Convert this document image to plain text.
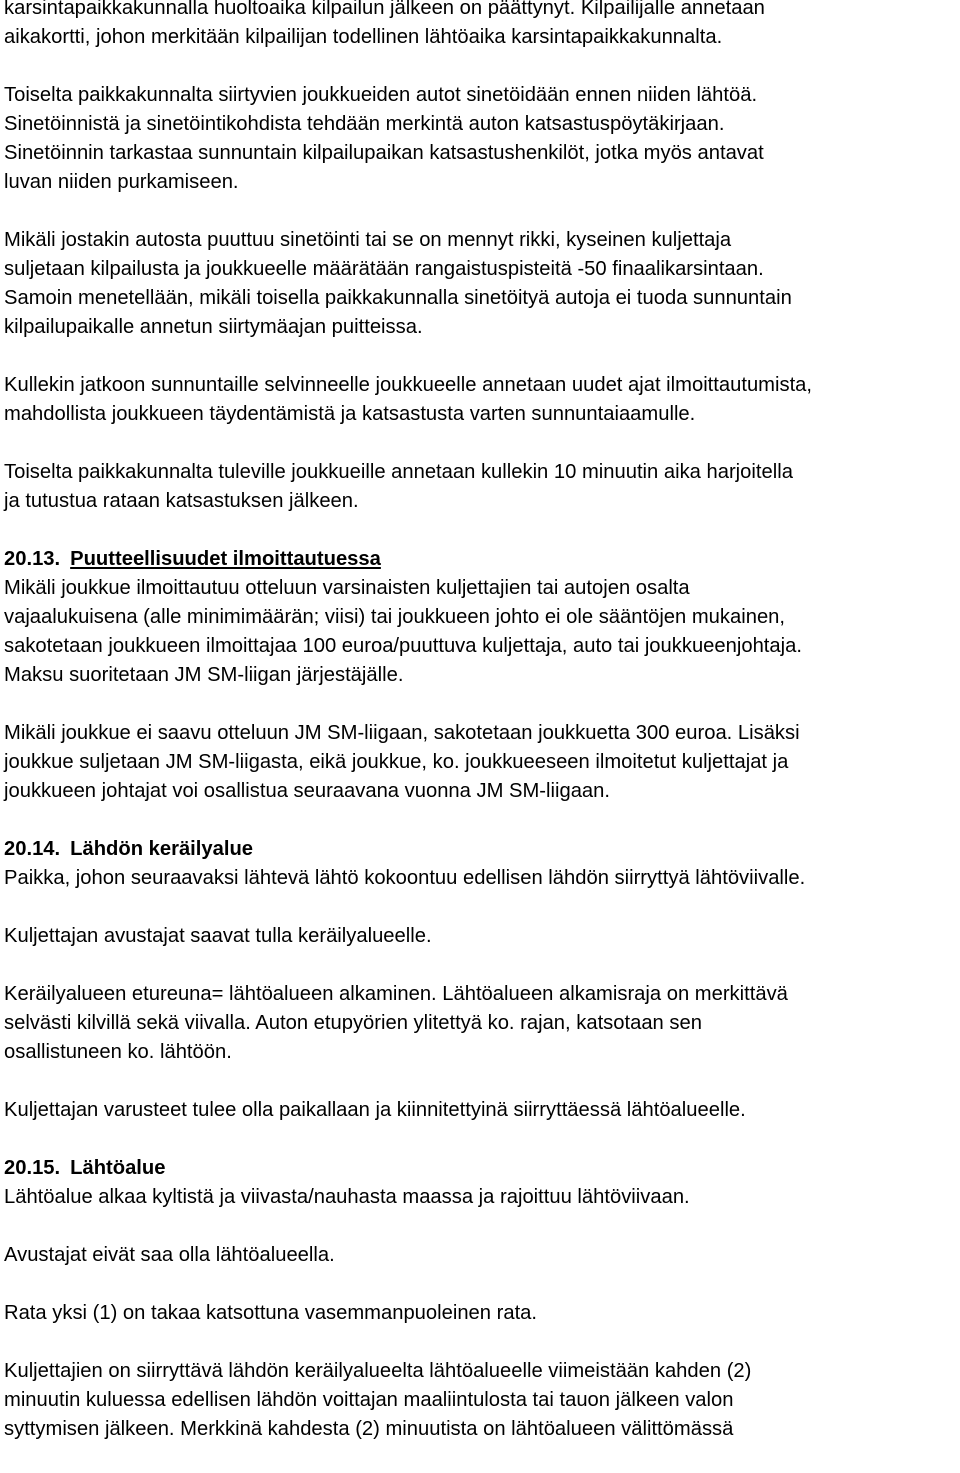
karsintapaikkakunnalla huoltoaika kilpailun jälkeen on päättynyt. Kilpailijalle annetaan
aikakortti, johon merkitään kilpailijan todellinen lähtöaika karsintapaikkakunnalta.
Toiselta paikkakunnalta siirtyvien joukkueiden autot sinetöidään ennen niiden lähtöä.
Sinetöinnistä ja sinetöintikohdista tehdään merkintä auton katsastuspöytäkirjaan.
Sinetöinnin tarkastaa sunnuntain kilpailupaikan katsastushenkilöt, jotka myös antavat
luvan niiden purkamiseen.
Mikäli jostakin autosta puuttuu sinetöinti tai se on mennyt rikki, kyseinen kuljettaja
suljetaan kilpailusta ja joukkueelle määrätään rangaistuspisteitä -50 finaalikarsintaan.
Samoin menetellään, mikäli toisella paikkakunnalla sinetöityä autoja ei tuoda sunnuntain
kilpailupaikalle annetun siirtymäajan puitteissa.
Kullekin jatkoon sunnuntaille selvinneelle joukkueelle annetaan uudet ajat ilmoittautumista,
mahdollista joukkueen täydentämistä ja katsastusta varten sunnuntaiaamulle.
Toiselta paikkakunnalta tuleville joukkueille annetaan kullekin 10 minuutin aika harjoitella
ja tutustua rataan katsastuksen jälkeen.
20.13. Puutteellisuudet ilmoittautuessa
Mikäli joukkue ilmoittautuu otteluun varsinaisten kuljettajien tai autojen osalta
vajaalukuisena (alle minimimäärän; viisi) tai joukkueen johto ei ole sääntöjen mukainen,
sakotetaan joukkueen ilmoittajaa 100 euroa/puuttuva kuljettaja, auto tai joukkueenjohtaja.
Maksu suoritetaan JM SM-liigan järjestäjälle.
Mikäli joukkue ei saavu otteluun JM SM-liigaan, sakotetaan joukkuetta 300 euroa. Lisäksi
joukkue suljetaan JM SM-liigasta, eikä joukkue, ko. joukkueeseen ilmoitetut kuljettajat ja
joukkueen johtajat voi osallistua seuraavana vuonna JM SM-liigaan.
20.14. Lähdön keräilyalue
Paikka, johon seuraavaksi lähtevä lähtö kokoontuu edellisen lähdön siirryttyä lähtöviivalle.
Kuljettajan avustajat saavat tulla keräilyalueelle.
Keräilyalueen etureuna= lähtöalueen alkaminen. Lähtöalueen alkamisraja on merkittävä
selvästi kilvillä sekä viivalla. Auton etupyörien ylitettyä ko. rajan, katsotaan sen
osallistuneen ko. lähtöön.
Kuljettajan varusteet tulee olla paikallaan ja kiinnitettyinä siirryttäessä lähtöalueelle.
20.15. Lähtöalue
Lähtöalue alkaa kyltistä ja viivasta/nauhasta maassa ja rajoittuu lähtöviivaan.
Avustajat eivät saa olla lähtöalueella.
Rata yksi (1) on takaa katsottuna vasemmanpuoleinen rata.
Kuljettajien on siirryttävä lähdön keräilyalueelta lähtöalueelle viimeistään kahden (2)
minuutin kuluessa edellisen lähdön voittajan maaliintulosta tai tauon jälkeen valon
syttymisen jälkeen. Merkkinä kahdesta (2) minuutista on lähtöalueen välittömässä
